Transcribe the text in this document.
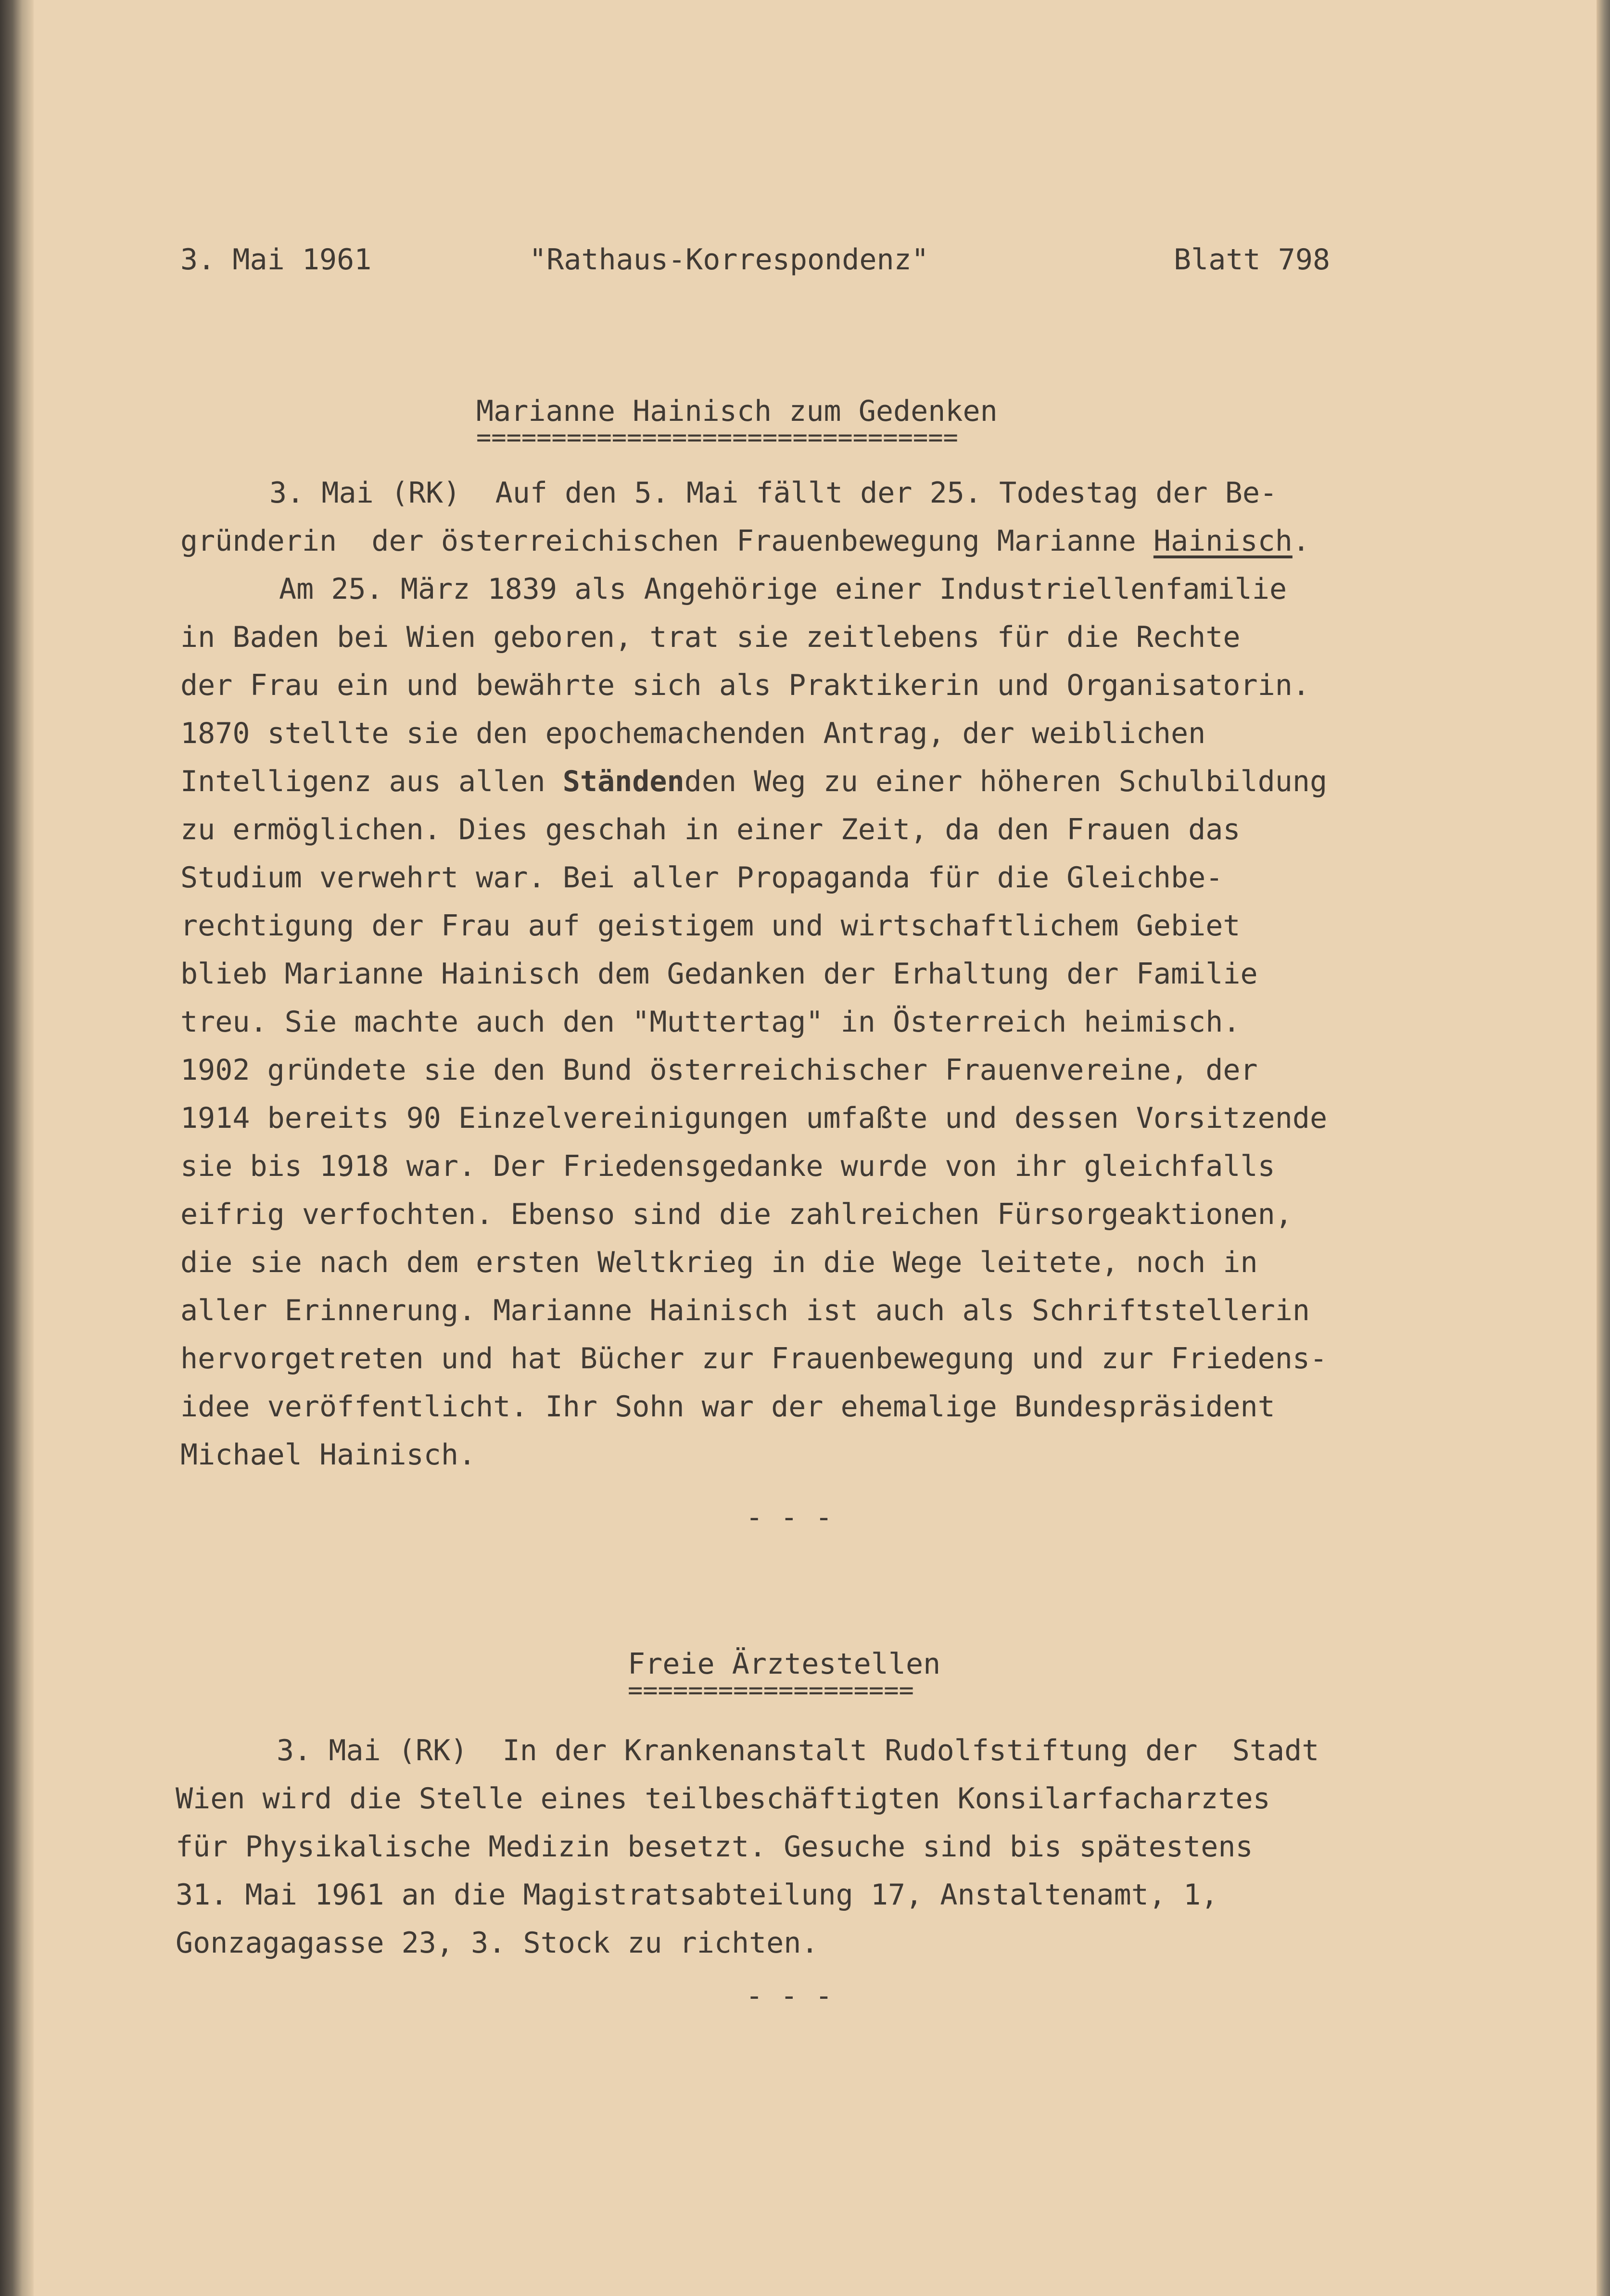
3. Mai 1961	"Rathaus-Korrespondenz"	Blatt 798
Marianne Hainisch zum Gedenken
================================
3. Mai (RK)  Auf den 5. Mai fällt der 25. Todestag der Be-
gründerin  der österreichischen Frauenbewegung Marianne Hainisch.
Am 25. März 1839 als Angehörige einer Industriellenfamilie
in Baden bei Wien geboren, trat sie zeitlebens für die Rechte
der Frau ein und bewährte sich als Praktikerin und Organisatorin.
1870 stellte sie den epochemachenden Antrag, der weiblichen
Intelligenz aus allen Ständenden Weg zu einer höheren Schulbildung
zu ermöglichen. Dies geschah in einer Zeit, da den Frauen das
Studium verwehrt war. Bei aller Propaganda für die Gleichbe-
rechtigung der Frau auf geistigem und wirtschaftlichem Gebiet
blieb Marianne Hainisch dem Gedanken der Erhaltung der Familie
treu. Sie machte auch den "Muttertag" in Österreich heimisch.
1902 gründete sie den Bund österreichischer Frauenvereine, der
1914 bereits 90 Einzelvereinigungen umfaßte und dessen Vorsitzende
sie bis 1918 war. Der Friedensgedanke wurde von ihr gleichfalls
eifrig verfochten. Ebenso sind die zahlreichen Fürsorgeaktionen,
die sie nach dem ersten Weltkrieg in die Wege leitete, noch in
aller Erinnerung. Marianne Hainisch ist auch als Schriftstellerin
hervorgetreten und hat Bücher zur Frauenbewegung und zur Friedens-
idee veröffentlicht. Ihr Sohn war der ehemalige Bundespräsident
Michael Hainisch.
- - -
Freie Ärztestellen
===================
3. Mai (RK)  In der Krankenanstalt Rudolfstiftung der  Stadt
Wien wird die Stelle eines teilbeschäftigten Konsilarfacharztes
für Physikalische Medizin besetzt. Gesuche sind bis spätestens
31. Mai 1961 an die Magistratsabteilung 17, Anstaltenamt, 1,
Gonzagagasse 23, 3. Stock zu richten.
- - -
